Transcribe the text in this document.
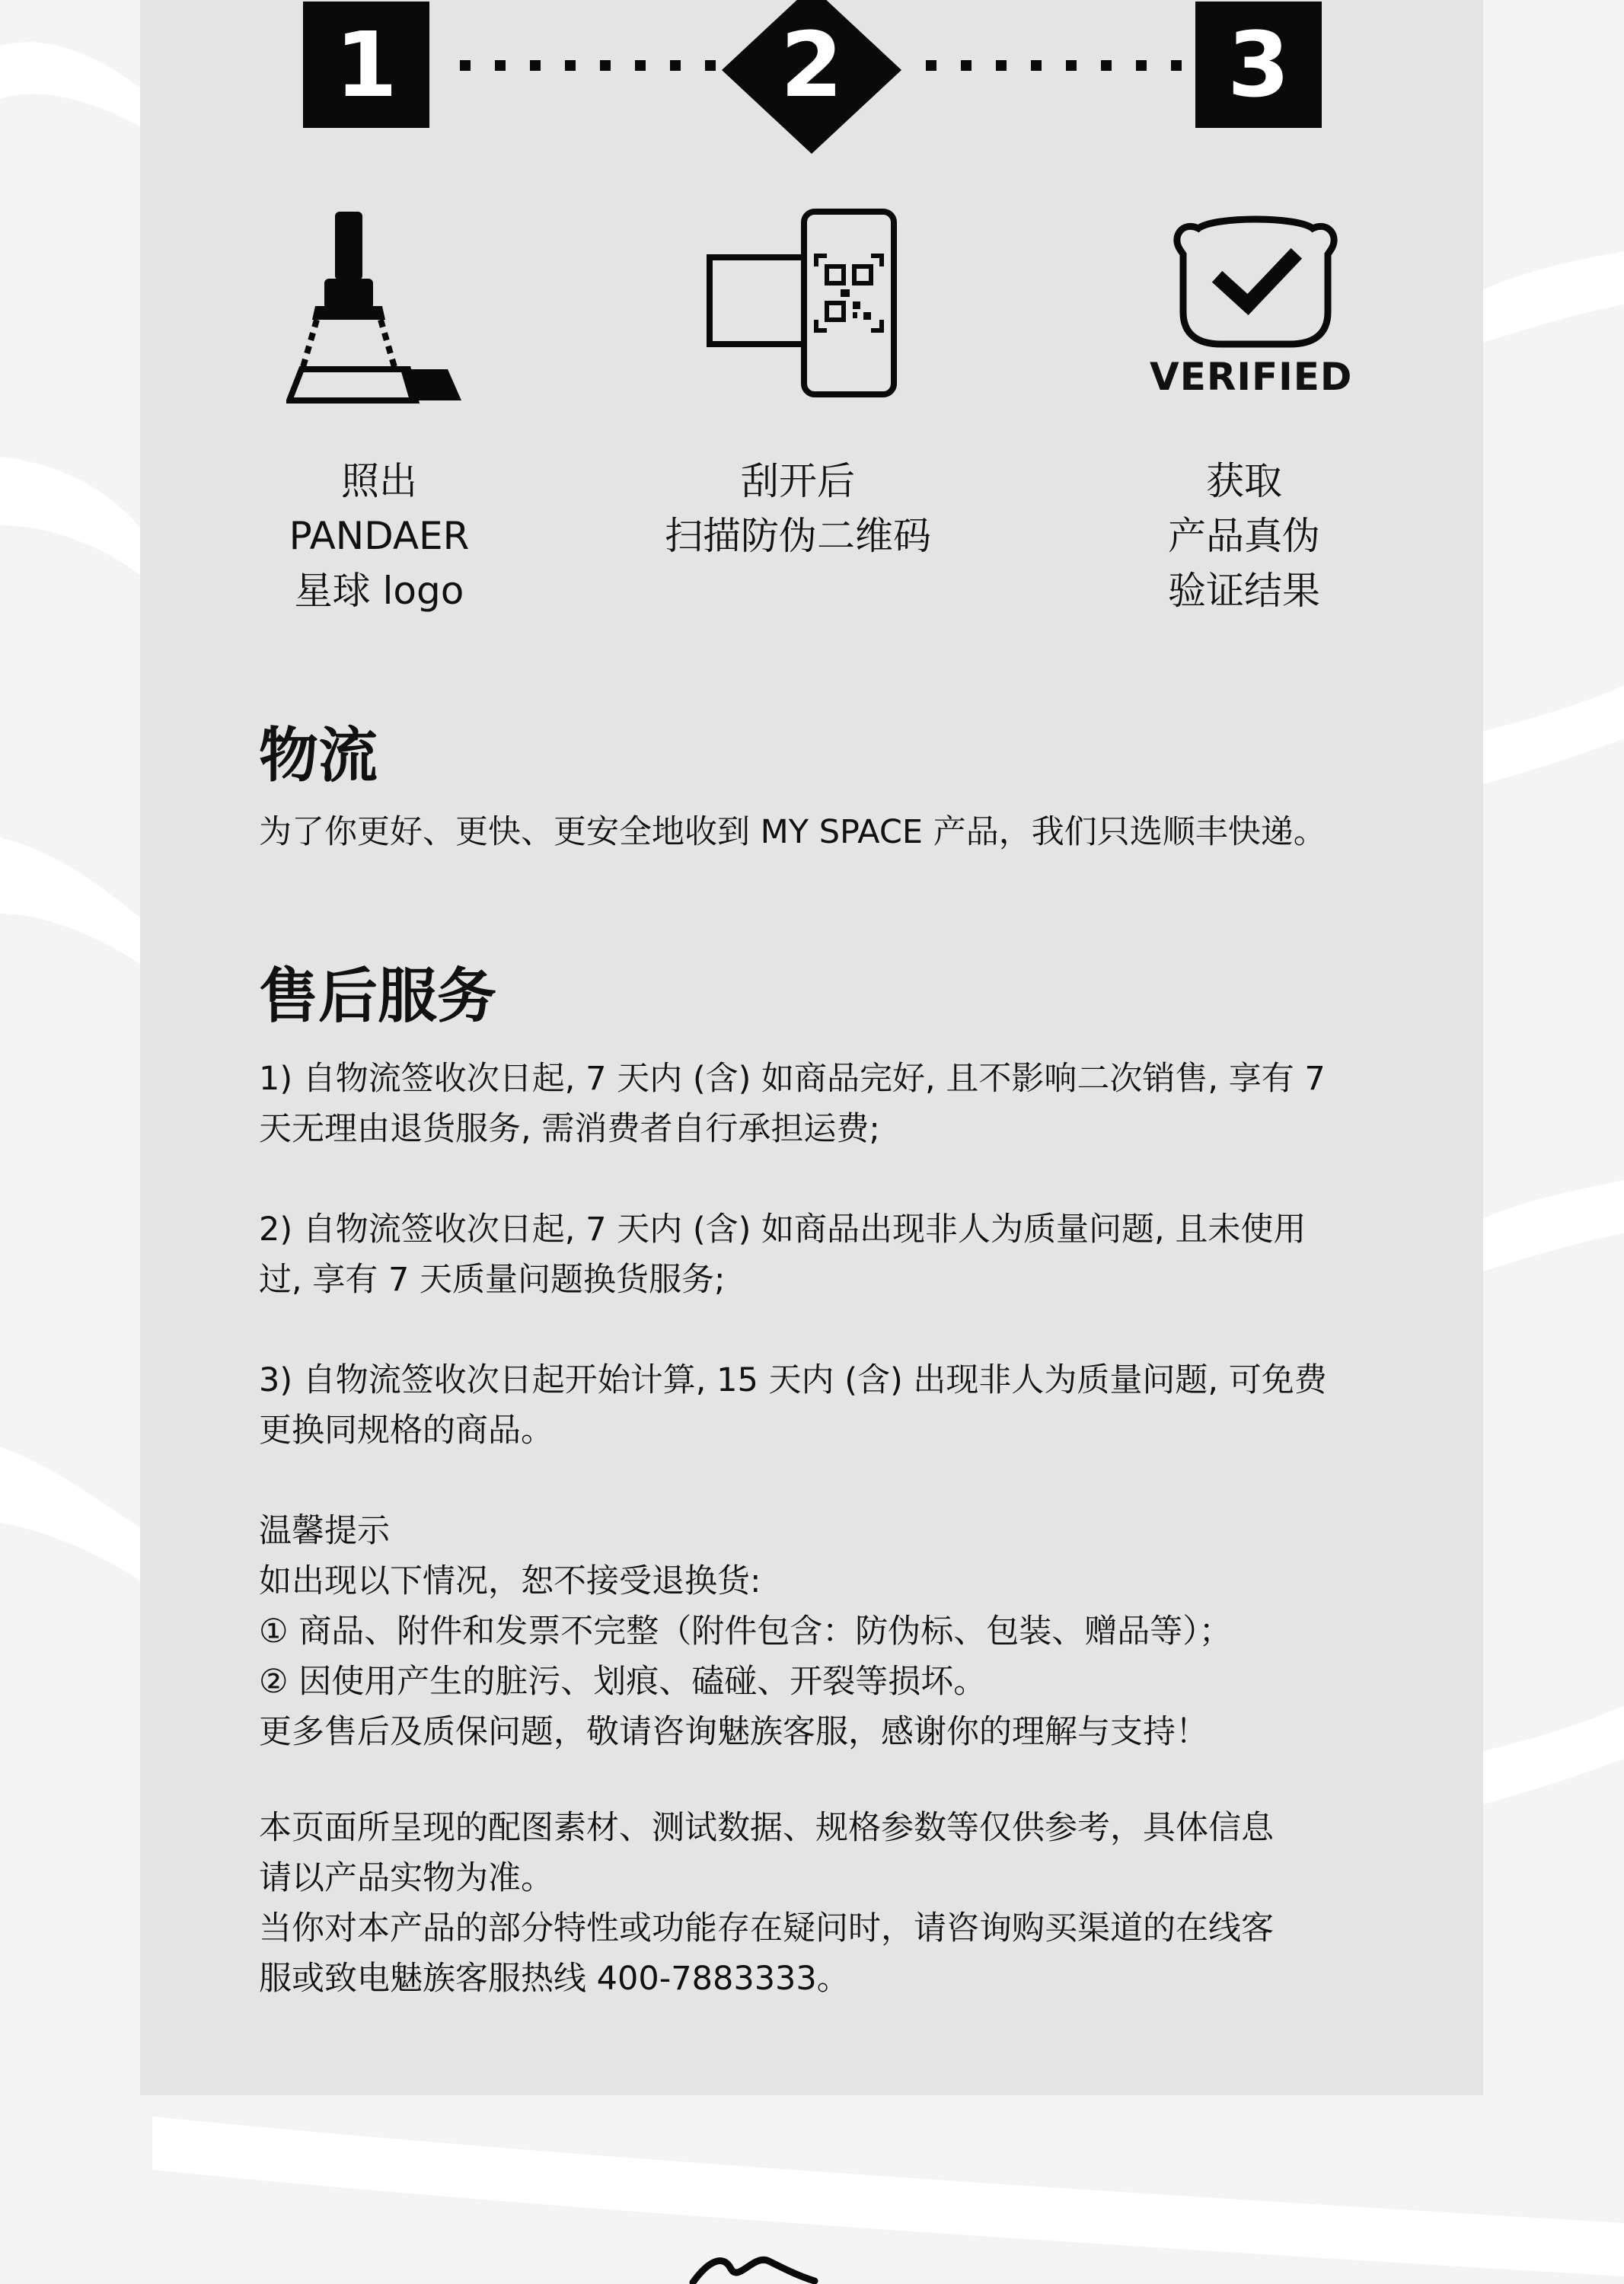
1	2	3
VERIFIED
照出
PANDAER
星球 logo
刮开后
扫描防伪二维码
获取
产品真伪
验证结果
物流
为了你更好、更快、更安全地收到 MY SPACE 产品，我们只选顺丰快递。
售后服务
1) 自物流签收次日起, 7 天内 (含) 如商品完好, 且不影响二次销售, 享有 7
天无理由退货服务, 需消费者自行承担运费;
2) 自物流签收次日起, 7 天内 (含) 如商品出现非人为质量问题, 且未使用
过, 享有 7 天质量问题换货服务;
3) 自物流签收次日起开始计算, 15 天内 (含) 出现非人为质量问题, 可免费
更换同规格的商品。
温馨提示
如出现以下情况，恕不接受退换货:
① 商品、附件和发票不完整（附件包含：防伪标、包装、赠品等）；
② 因使用产生的脏污、划痕、磕碰、开裂等损坏。
更多售后及质保问题，敬请咨询魅族客服，感谢你的理解与支持！
本页面所呈现的配图素材、测试数据、规格参数等仅供参考，具体信息
请以产品实物为准。
当你对本产品的部分特性或功能存在疑问时，请咨询购买渠道的在线客
服或致电魅族客服热线 400-7883333。
